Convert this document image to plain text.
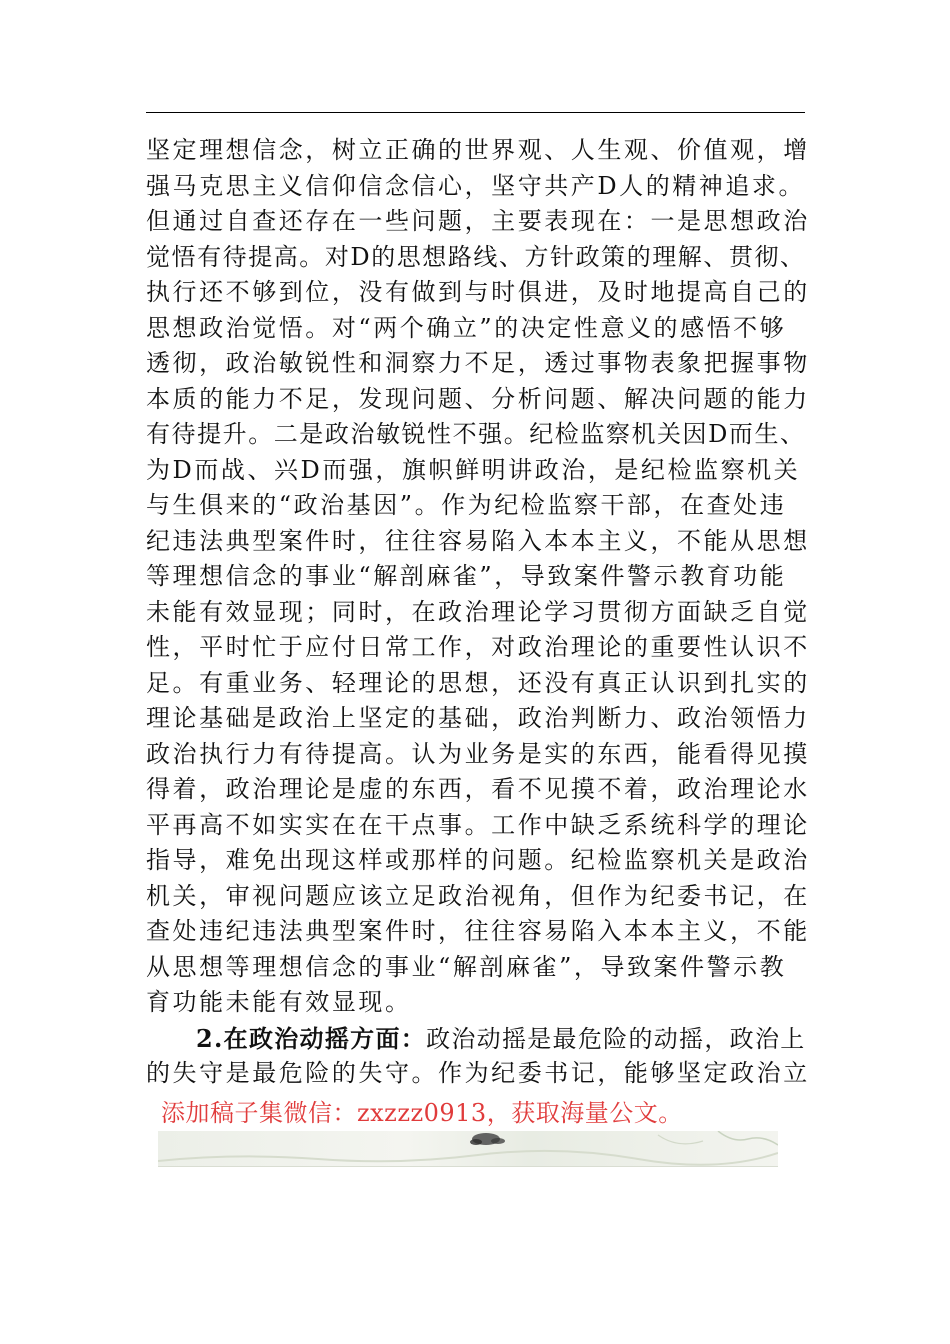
坚定理想信念，树立正确的世界观、人生观、价值观，增
强马克思主义信仰信念信心，坚守共产D人的精神追求。
但通过自查还存在一些问题，主要表现在：一是思想政治
觉悟有待提高。对D的思想路线、方针政策的理解、贯彻、
执行还不够到位，没有做到与时俱进，及时地提高自己的
思想政治觉悟。对“两个确立”的决定性意义的感悟不够
透彻，政治敏锐性和洞察力不足，透过事物表象把握事物
本质的能力不足，发现问题、分析问题、解决问题的能力
有待提升。二是政治敏锐性不强。纪检监察机关因D而生、
为D而战、兴D而强，旗帜鲜明讲政治，是纪检监察机关
与生俱来的“政治基因”。作为纪检监察干部，在查处违
纪违法典型案件时，往往容易陷入本本主义，不能从思想
等理想信念的事业“解剖麻雀”，导致案件警示教育功能
未能有效显现；同时，在政治理论学习贯彻方面缺乏自觉
性，平时忙于应付日常工作，对政治理论的重要性认识不
足。有重业务、轻理论的思想，还没有真正认识到扎实的
理论基础是政治上坚定的基础，政治判断力、政治领悟力
政治执行力有待提高。认为业务是实的东西，能看得见摸
得着，政治理论是虚的东西，看不见摸不着，政治理论水
平再高不如实实在在干点事。工作中缺乏系统科学的理论
指导，难免出现这样或那样的问题。纪检监察机关是政治
机关，审视问题应该立足政治视角，但作为纪委书记，在
查处违纪违法典型案件时，往往容易陷入本本主义，不能
从思想等理想信念的事业“解剖麻雀”，导致案件警示教
育功能未能有效显现。
2.在政治动摇方面：政治动摇是最危险的动摇，政治上
的失守是最危险的失守。作为纪委书记，能够坚定政治立
添加稿子集微信：zxzzz0913，获取海量公文。
